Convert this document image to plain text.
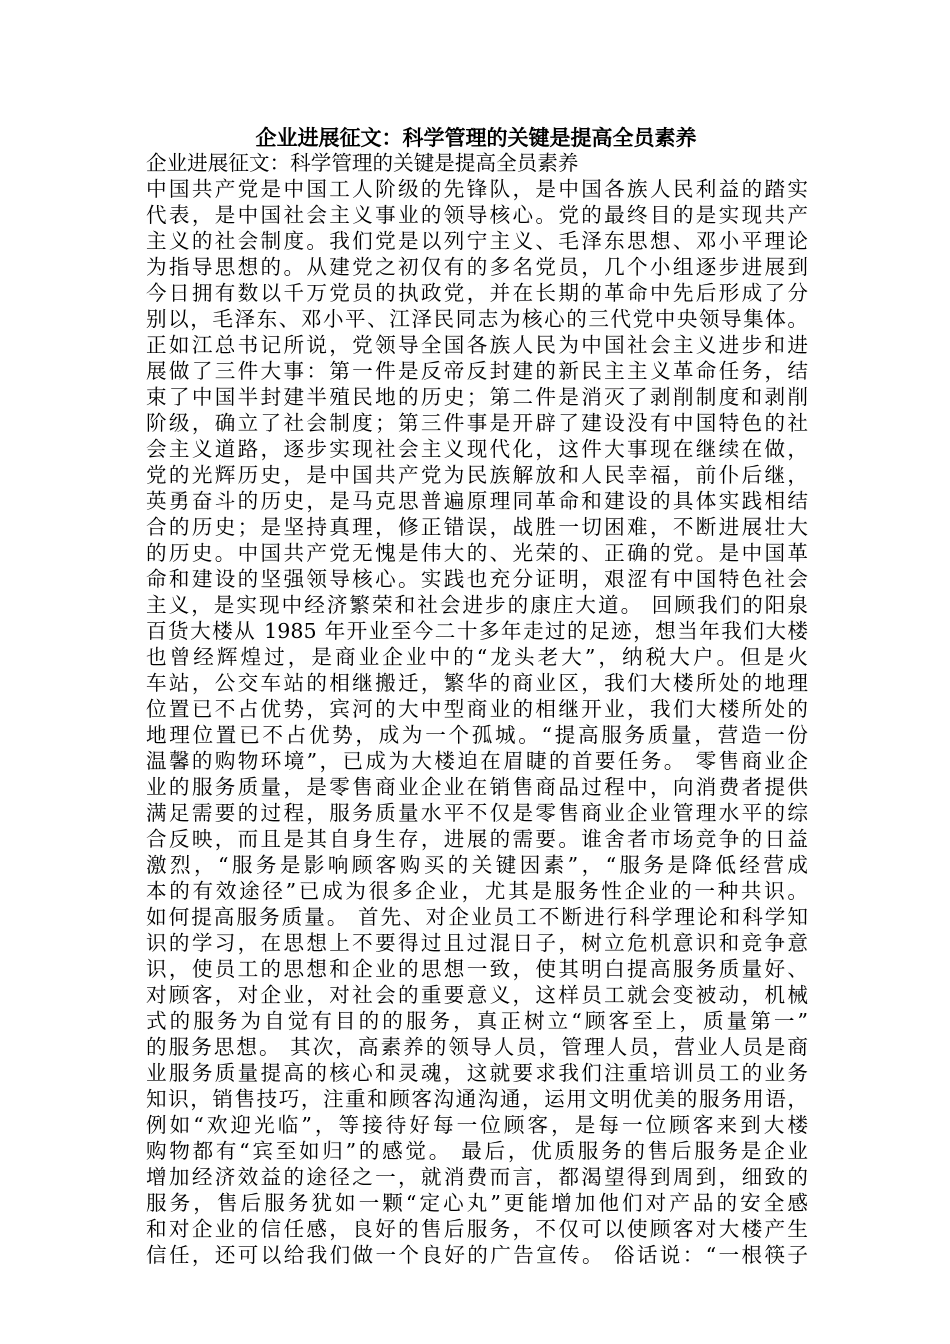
企业进展征文：科学管理的关键是提高全员素养
企业进展征文：科学管理的关键是提高全员素养
中国共产党是中国工人阶级的先锋队，是中国各族人民利益的踏实
代表，是中国社会主义事业的领导核心。党的最终目的是实现共产
主义的社会制度。我们党是以列宁主义、毛泽东思想、邓小平理论
为指导思想的。从建党之初仅有的多名党员，几个小组逐步进展到
今日拥有数以千万党员的执政党，并在长期的革命中先后形成了分
别以，毛泽东、邓小平、江泽民同志为核心的三代党中央领导集体。
正如江总书记所说，党领导全国各族人民为中国社会主义进步和进
展做了三件大事：第一件是反帝反封建的新民主主义革命任务，结
束了中国半封建半殖民地的历史；第二件是消灭了剥削制度和剥削
阶级，确立了社会制度；第三件事是开辟了建设没有中国特色的社
会主义道路，逐步实现社会主义现代化，这件大事现在继续在做，
党的光辉历史，是中国共产党为民族解放和人民幸福，前仆后继，
英勇奋斗的历史，是马克思普遍原理同革命和建设的具体实践相结
合的历史；是坚持真理，修正错误，战胜一切困难，不断进展壮大
的历史。中国共产党无愧是伟大的、光荣的、正确的党。是中国革
命和建设的坚强领导核心。实践也充分证明，艰涩有中国特色社会
主义，是实现中经济繁荣和社会进步的康庄大道。 回顾我们的阳泉
百货大楼从 1985 年开业至今二十多年走过的足迹，想当年我们大楼
也曾经辉煌过，是商业企业中的“龙头老大”，纳税大户。但是火
车站，公交车站的相继搬迁，繁华的商业区，我们大楼所处的地理
位置已不占优势，宾河的大中型商业的相继开业，我们大楼所处的
地理位置已不占优势，成为一个孤城。“提高服务质量，营造一份
温馨的购物环境”，已成为大楼迫在眉睫的首要任务。 零售商业企
业的服务质量，是零售商业企业在销售商品过程中，向消费者提供
满足需要的过程，服务质量水平不仅是零售商业企业管理水平的综
合反映，而且是其自身生存，进展的需要。谁舍者市场竞争的日益
激烈，“服务是影响顾客购买的关键因素”，“服务是降低经营成
本的有效途径”已成为很多企业，尤其是服务性企业的一种共识。
如何提高服务质量。 首先、对企业员工不断进行科学理论和科学知
识的学习，在思想上不要得过且过混日子，树立危机意识和竞争意
识，使员工的思想和企业的思想一致，使其明白提高服务质量好、
对顾客，对企业，对社会的重要意义，这样员工就会变被动，机械
式的服务为自觉有目的的服务，真正树立“顾客至上，质量第一”
的服务思想。 其次，高素养的领导人员，管理人员，营业人员是商
业服务质量提高的核心和灵魂，这就要求我们注重培训员工的业务
知识，销售技巧，注重和顾客沟通沟通，运用文明优美的服务用语，
例如“欢迎光临”，等接待好每一位顾客，是每一位顾客来到大楼
购物都有“宾至如归”的感觉。 最后，优质服务的售后服务是企业
增加经济效益的途径之一，就消费而言，都渴望得到周到，细致的
服务，售后服务犹如一颗“定心丸”更能增加他们对产品的安全感
和对企业的信任感，良好的售后服务，不仅可以使顾客对大楼产生
信任，还可以给我们做一个良好的广告宣传。 俗话说：“一根筷子
